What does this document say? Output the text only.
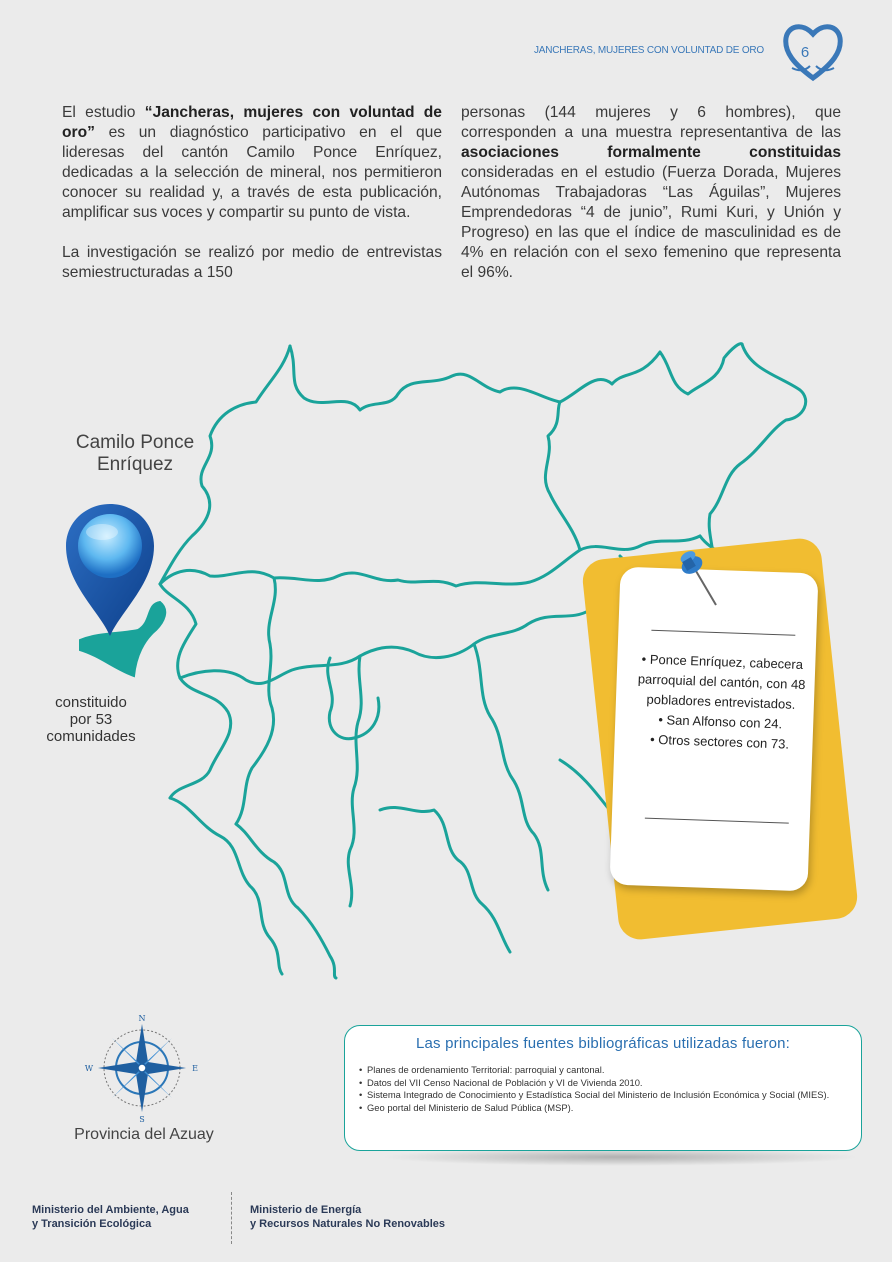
JANCHERAS, MUJERES CON VOLUNTAD DE ORO 6

El estudio “Jancheras, mujeres con voluntad de oro” es un diagnóstico participativo en el que lideresas del cantón Camilo Ponce Enríquez, dedicadas a la selección de mineral, nos permitieron conocer su realidad y, a través de esta publicación, amplificar sus voces y compartir su punto de vista.

La investigación se realizó por medio de entrevistas semiestructuradas a 150

personas (144 mujeres y 6 hombres), que corresponden a una muestra representantiva de las asociaciones formalmente constituidas consideradas en el estudio (Fuerza Dorada, Mujeres Autónomas Trabajadoras “Las Águilas”, Mujeres Emprendedoras “4 de junio”, Rumi Kuri, y Unión y Progreso) en las que el índice de masculinidad es de 4% en relación con el sexo femenino que representa el 96%.

Camilo Ponce
Enríquez
constituido
por 53
comunidades
• Ponce Enríquez, cabecera parroquial del cantón, con 48 pobladores entrevistados.
• San Alfonso con 24.
• Otros sectores con 73.
N
S
E
W
Provincia del Azuay
Las principales fuentes bibliográficas utilizadas fueron:
• Planes de ordenamiento Territorial: parroquial y cantonal.
• Datos del VII Censo Nacional de Población y VI de Vivienda 2010.
• Sistema Integrado de Conocimiento y Estadística Social del Ministerio de Inclusión Económica y Social (MIES).
• Geo portal del Ministerio de Salud Pública (MSP).
Ministerio del Ambiente, Agua
y Transición Ecológica
Ministerio de Energía
y Recursos Naturales No Renovables
